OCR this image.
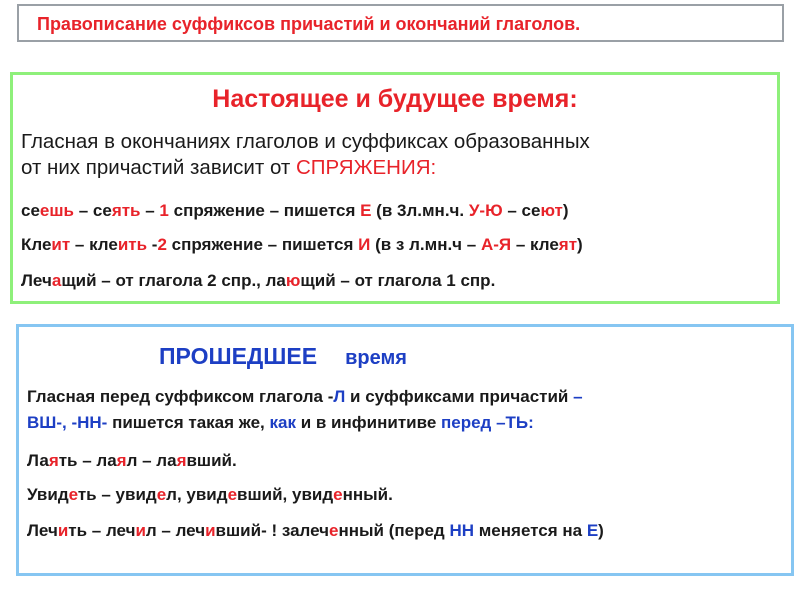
Правописание суффиксов причастий и окончаний глаголов.
Настоящее и будущее время:
Гласная в окончаниях глаголов и суффиксах образованных
от них причастий зависит от СПРЯЖЕНИЯ:
сеешь – сеять – 1 спряжение – пишется Е (в 3л.мн.ч. У-Ю – сеют)
Клеит – клеить -2 спряжение – пишется И (в з л.мн.ч – А-Я – клеят)
Лечащий – от глагола 2 спр., лающий – от глагола 1 спр.
ПРОШЕДШЕЕ время
Гласная перед суффиксом глагола -Л и суффиксами причастий –
ВШ-, -НН- пишется такая же, как и в инфинитиве перед –ТЬ:
Лаять – лаял – лаявший.
Увидеть – увидел, увидевший, увиденный.
Лечить – лечил – лечивший- ! залеченный (перед НН меняется на Е)
